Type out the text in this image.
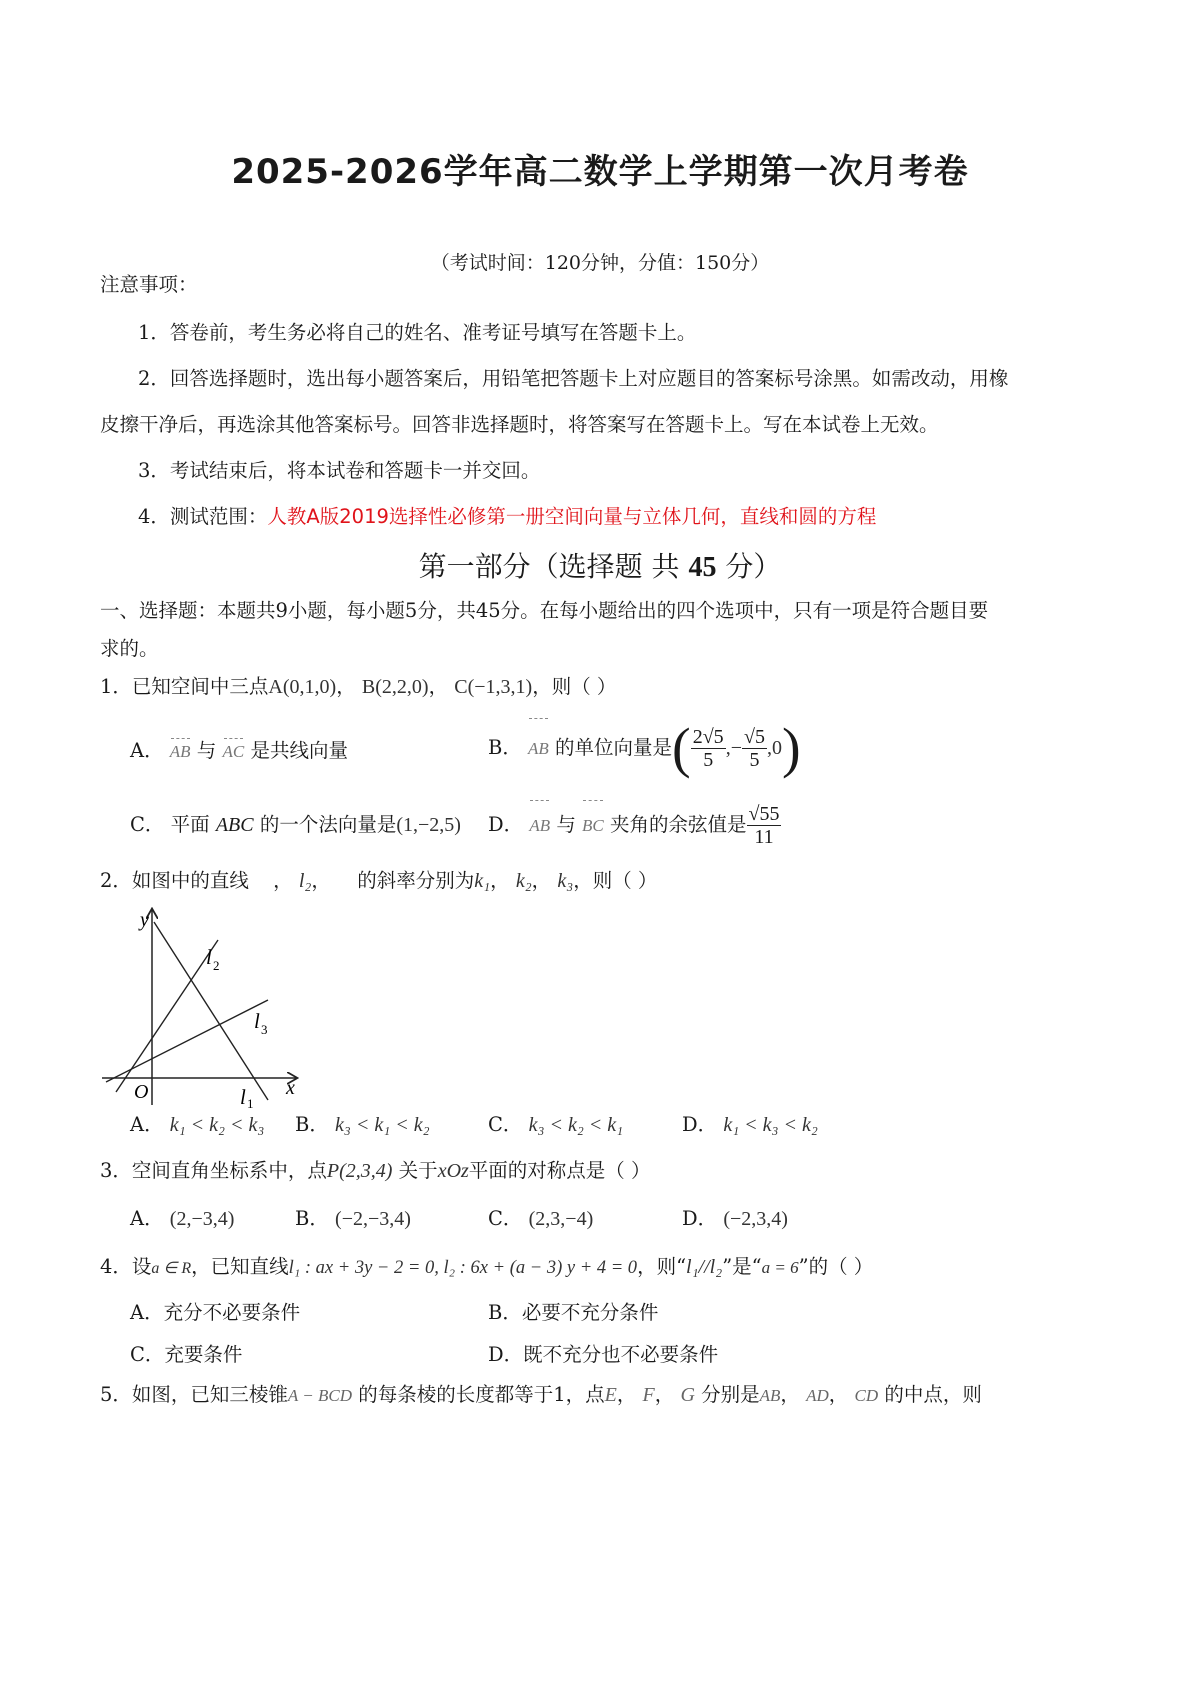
2025-2026学年高二数学上学期第一次月考卷
（考试时间：120分钟，分值：150分）
注意事项：
1．答卷前，考生务必将自己的姓名、准考证号填写在答题卡上。
2．回答选择题时，选出每小题答案后，用铅笔把答题卡上对应题目的答案标号涂黑。如需改动，用橡
皮擦干净后，再选涂其他答案标号。回答非选择题时，将答案写在答题卡上。写在本试卷上无效。
3．考试结束后，将本试卷和答题卡一并交回。
4．测试范围：人教A版2019选择性必修第一册空间向量与立体几何，直线和圆的方程
第一部分（选择题 共 45 分）
一、选择题：本题共9小题，每小题5分，共45分。在每小题给出的四个选项中，只有一项是符合题目要
求的。
1．已知空间中三点A(0,1,0)， B(2,2,0)， C(−1,3,1)，则（ ）
A． AB 与 AC 是共线向量	B． AB 的单位向量是( $\frac{2√5}{5}$ ,− $\frac{√5}{5} ,0$)
C． 平面 ABC 的一个法向量是(1,−2,5) D． AB 与 BC 夹角的余弦值是 $\frac{√55}{11}$
2．如图中的直线 ， l₂，  的斜率分别为k₁， k₂， k₃，则（ ）
y
x
O	l 1
l 2
l 3
A． k₁ < k₂ < k₃ B． k₃ < k₁ < k₂	C． k₃ < k₂ < k₁	D． k₁ < k₃ < k₂
3．空间直角坐标系中，点P(2,3,4) 关于xOz平面的对称点是（ ）
A． (2,−3,4)	B． (−2,−3,4)	C． (2,3,−4)	D． (−2,3,4)
4．设a ∈ R，已知直线l₁ : ax + 3y − 2 = 0, l₂ : 6x + (a − 3) y + 4 = 0，则“l₁//l₂”是“a = 6”的（ ）
A．充分不必要条件	B．必要不充分条件
C．充要条件	D．既不充分也不必要条件
5．如图，已知三棱锥A − BCD 的每条棱的长度都等于1，点E， F， G 分别是AB， AD， CD 的中点，则
